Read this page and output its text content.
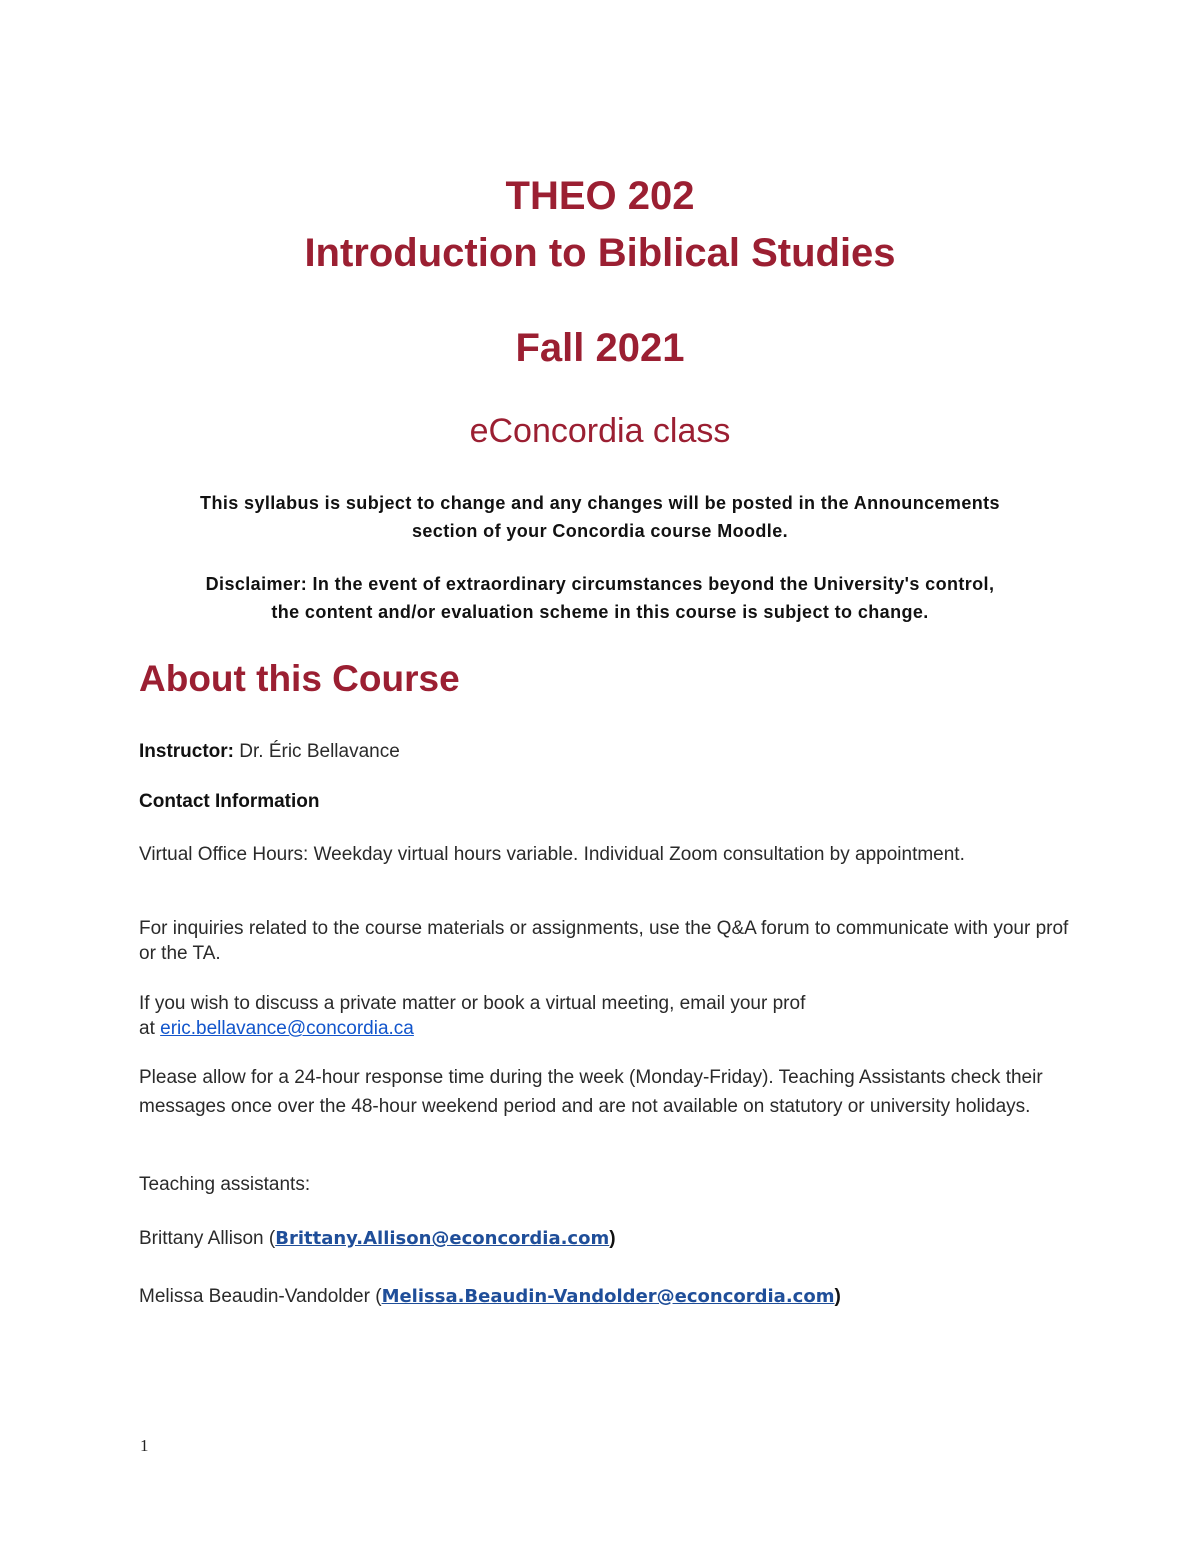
THEO 202
Introduction to Biblical Studies
Fall 2021
eConcordia class
This syllabus is subject to change and any changes will be posted in the Announcements
section of your Concordia course Moodle.
Disclaimer: In the event of extraordinary circumstances beyond the University's control,
the content and/or evaluation scheme in this course is subject to change.
About this Course

Instructor: Dr. Éric Bellavance

Contact Information

Virtual Office Hours: Weekday virtual hours variable. Individual Zoom consultation by appointment.

For inquiries related to the course materials or assignments, use the Q&A forum to communicate with your prof or the TA.

If you wish to discuss a private matter or book a virtual meeting, email your prof
at eric.bellavance@concordia.ca

Please allow for a 24-hour response time during the week (Monday-Friday). Teaching Assistants check their messages once over the 48-hour weekend period and are not available on statutory or university holidays.

Teaching assistants:

Brittany Allison (Brittany.Allison@econcordia.com)

Melissa Beaudin-Vandolder (Melissa.Beaudin-Vandolder@econcordia.com)

1
